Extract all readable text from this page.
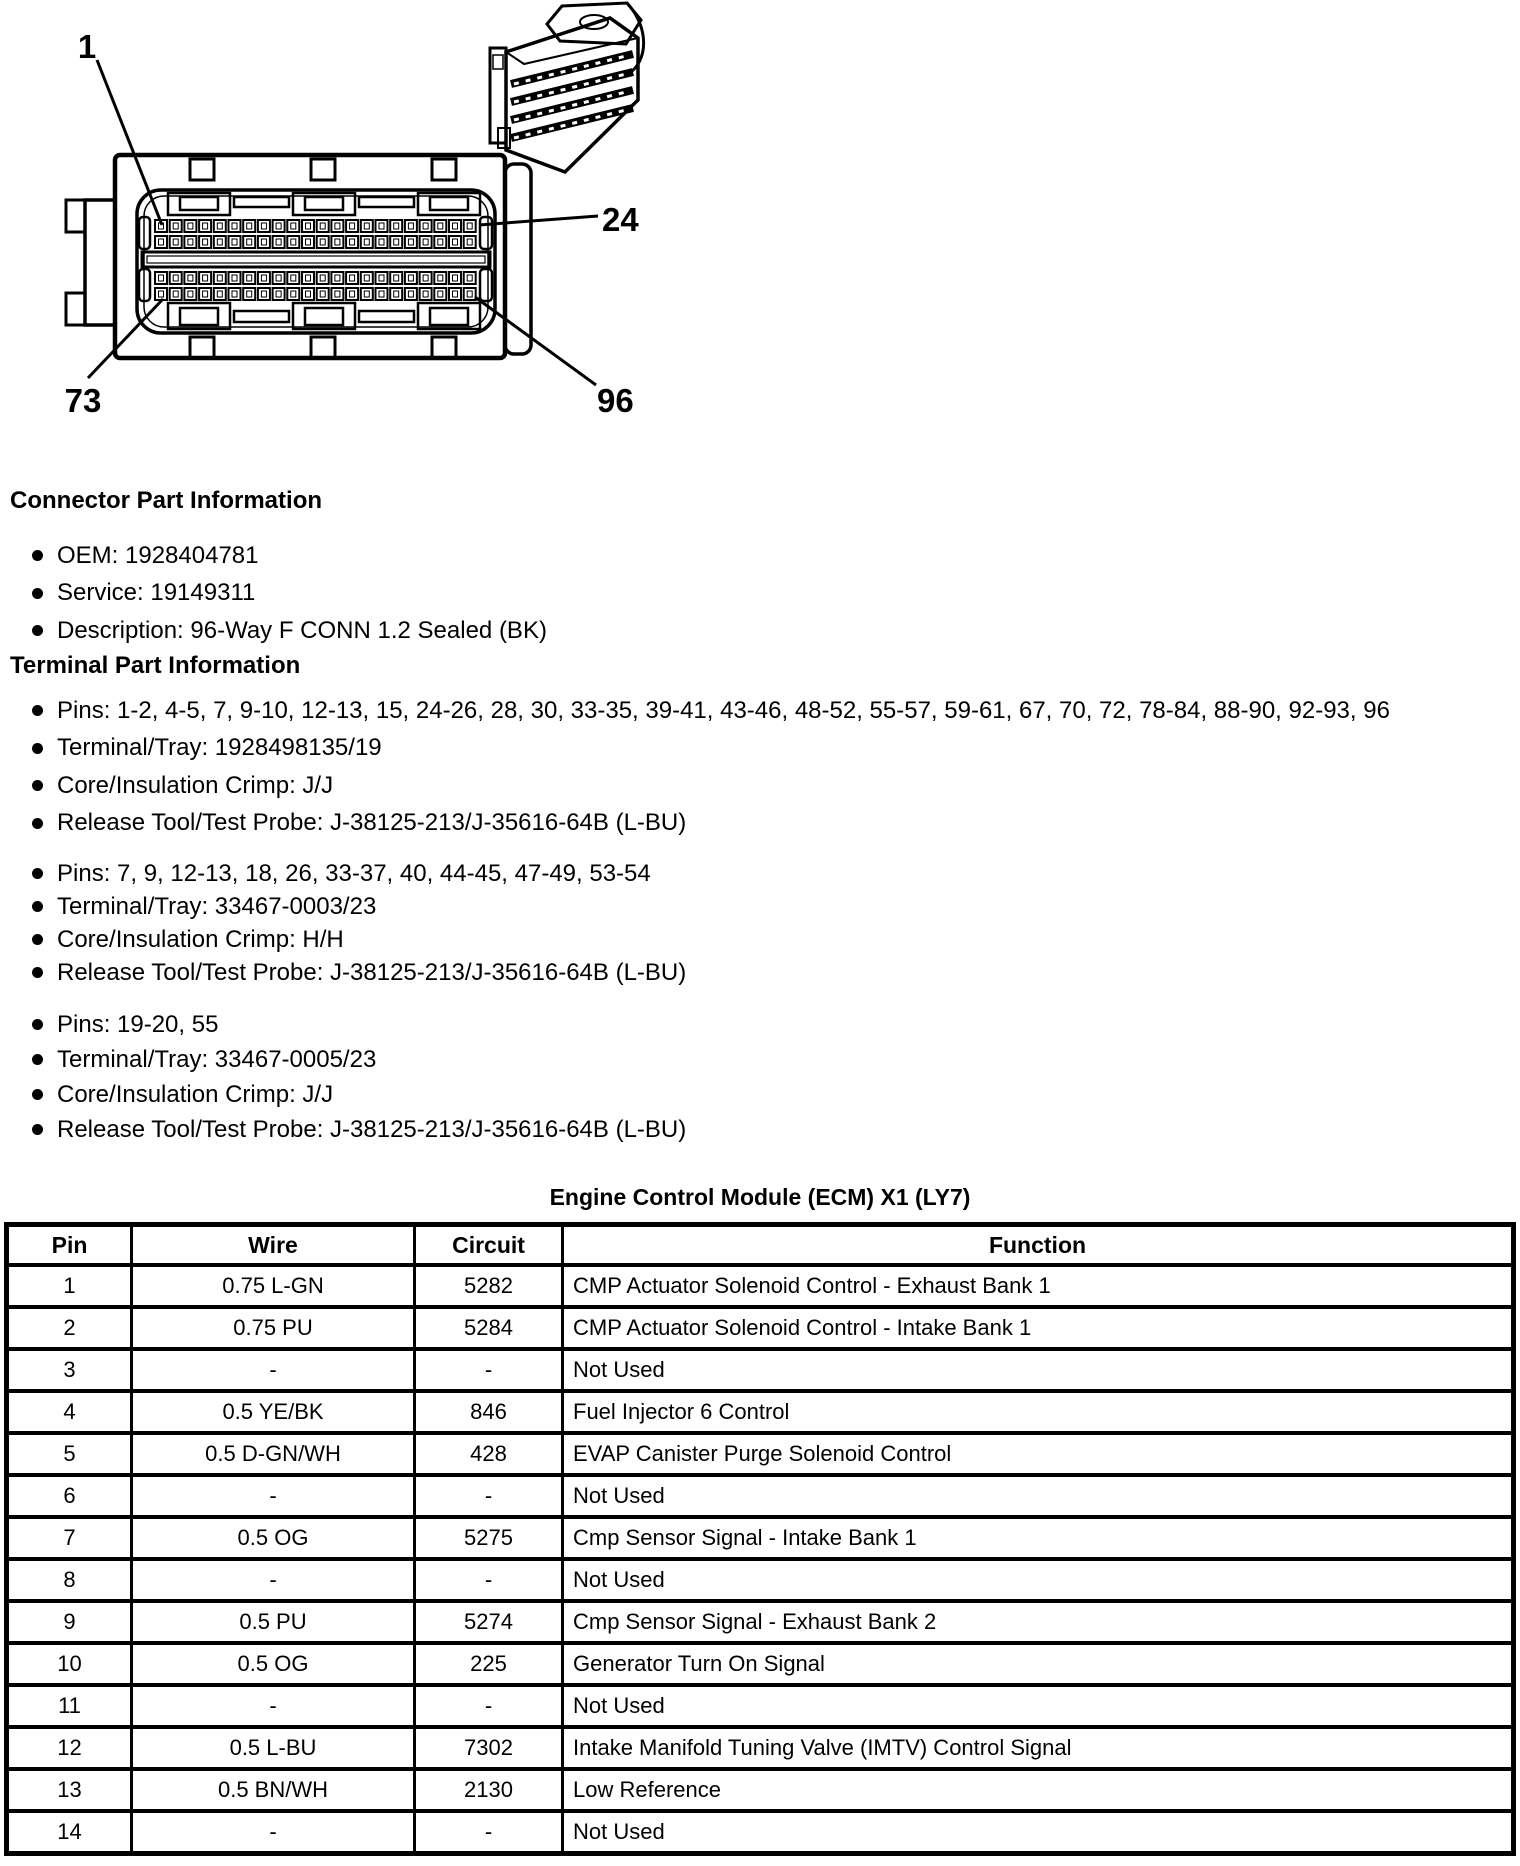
1
24
73	96
Connector Part Information
OEM: 1928404781
Service: 19149311
Description: 96-Way F CONN 1.2 Sealed (BK)
Terminal Part Information
Pins: 1-2, 4-5, 7, 9-10, 12-13, 15, 24-26, 28, 30, 33-35, 39-41, 43-46, 48-52, 55-57, 59-61, 67, 70, 72, 78-84, 88-90, 92-93, 96
Terminal/Tray: 1928498135/19
Core/Insulation Crimp: J/J
Release Tool/Test Probe: J-38125-213/J-35616-64B (L-BU)
Pins: 7, 9, 12-13, 18, 26, 33-37, 40, 44-45, 47-49, 53-54
Terminal/Tray: 33467-0003/23
Core/Insulation Crimp: H/H
Release Tool/Test Probe: J-38125-213/J-35616-64B (L-BU)
Pins: 19-20, 55
Terminal/Tray: 33467-0005/23
Core/Insulation Crimp: J/J
Release Tool/Test Probe: J-38125-213/J-35616-64B (L-BU)
Engine Control Module (ECM) X1 (LY7)
Pin	Wire	Circuit	Function
1	0.75 L-GN	5282	CMP Actuator Solenoid Control - Exhaust Bank 1
2	0.75 PU	5284	CMP Actuator Solenoid Control - Intake Bank 1
3	-	-	Not Used
4	0.5 YE/BK	846	Fuel Injector 6 Control
5	0.5 D-GN/WH	428	EVAP Canister Purge Solenoid Control
6	-	-	Not Used
7	0.5 OG	5275	Cmp Sensor Signal - Intake Bank 1
8	-	-	Not Used
9	0.5 PU	5274	Cmp Sensor Signal - Exhaust Bank 2
10	0.5 OG	225	Generator Turn On Signal
11	-	-	Not Used
12	0.5 L-BU	7302	Intake Manifold Tuning Valve (IMTV) Control Signal
13	0.5 BN/WH	2130	Low Reference
14	-	-	Not Used
